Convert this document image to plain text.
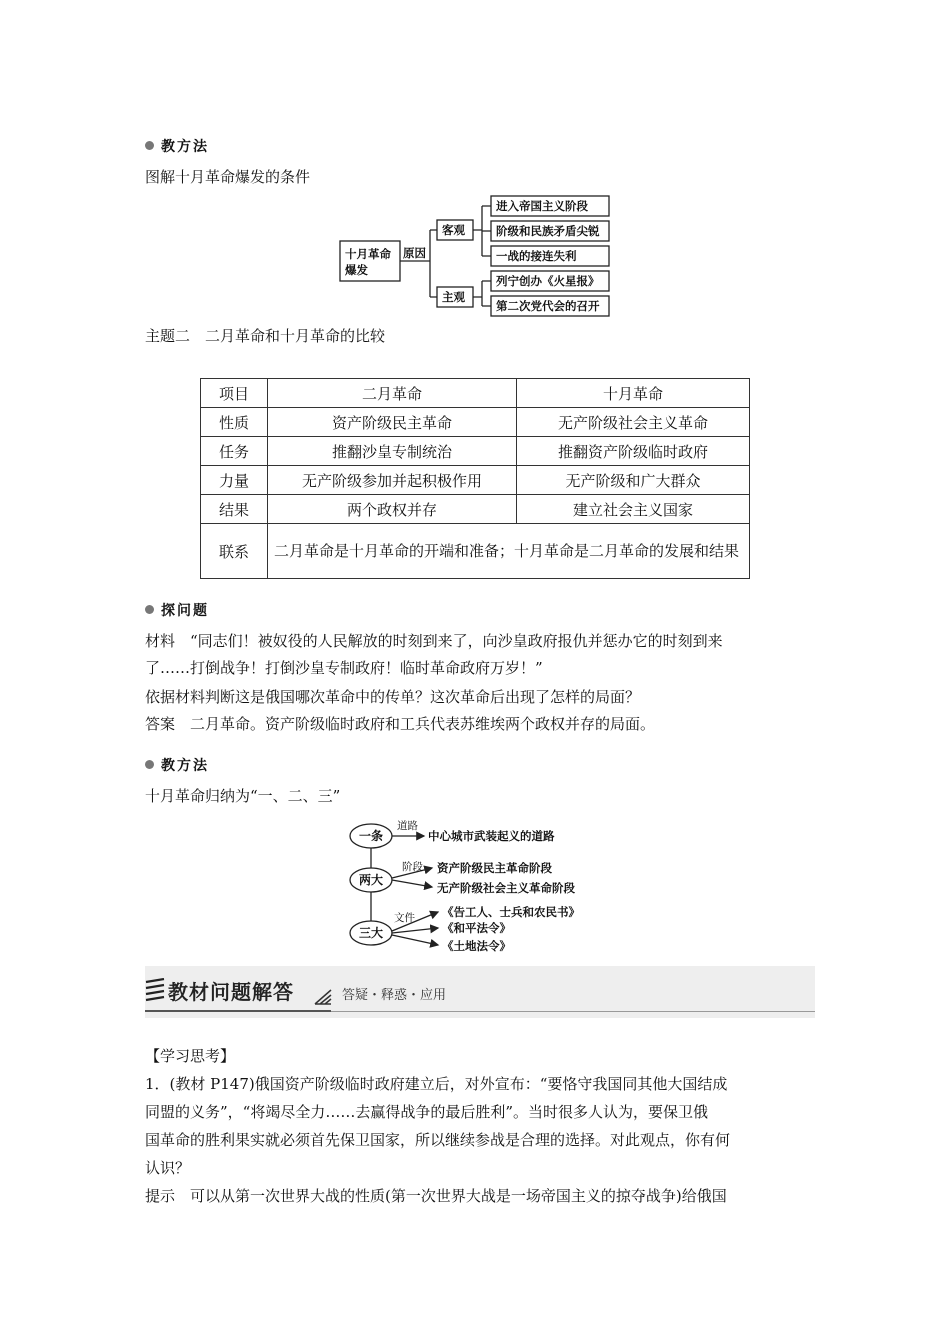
教方法
图解十月革命爆发的条件
十月革命
爆发
原因
客观
主观
进入帝国主义阶段
阶级和民族矛盾尖锐
一战的接连失利
列宁创办《火星报》
第二次党代会的召开
主题二　二月革命和十月革命的比较
项目	二月革命	十月革命
性质	资产阶级民主革命	无产阶级社会主义革命
任务	推翻沙皇专制统治	推翻资产阶级临时政府
力量	无产阶级参加并起积极作用	无产阶级和广大群众
结果	两个政权并存	建立社会主义国家
联系	二月革命是十月革命的开端和准备；十月革命是二月革命的发展和结果	
探问题
材料　“同志们！被奴役的人民解放的时刻到来了，向沙皇政府报仇并惩办它的时刻到来
了……打倒战争！打倒沙皇专制政府！临时革命政府万岁！”
依据材料判断这是俄国哪次革命中的传单？这次革命后出现了怎样的局面？
答案　二月革命。资产阶级临时政府和工兵代表苏维埃两个政权并存的局面。
教方法
十月革命归纳为“一、二、三”
一条
两大
三大
道路
阶段
文件
中心城市武装起义的道路
资产阶级民主革命阶段
无产阶级社会主义革命阶段
《告工人、士兵和农民书》
《和平法令》
《土地法令》
教材问题解答	答疑・释惑・应用
【学习思考】
1．(教材 P147)俄国资产阶级临时政府建立后，对外宣布：“要恪守我国同其他大国结成
同盟的义务”，“将竭尽全力……去赢得战争的最后胜利”。当时很多人认为，要保卫俄
国革命的胜利果实就必须首先保卫国家，所以继续参战是合理的选择。对此观点，你有何
认识？
提示　可以从第一次世界大战的性质(第一次世界大战是一场帝国主义的掠夺战争)给俄国
